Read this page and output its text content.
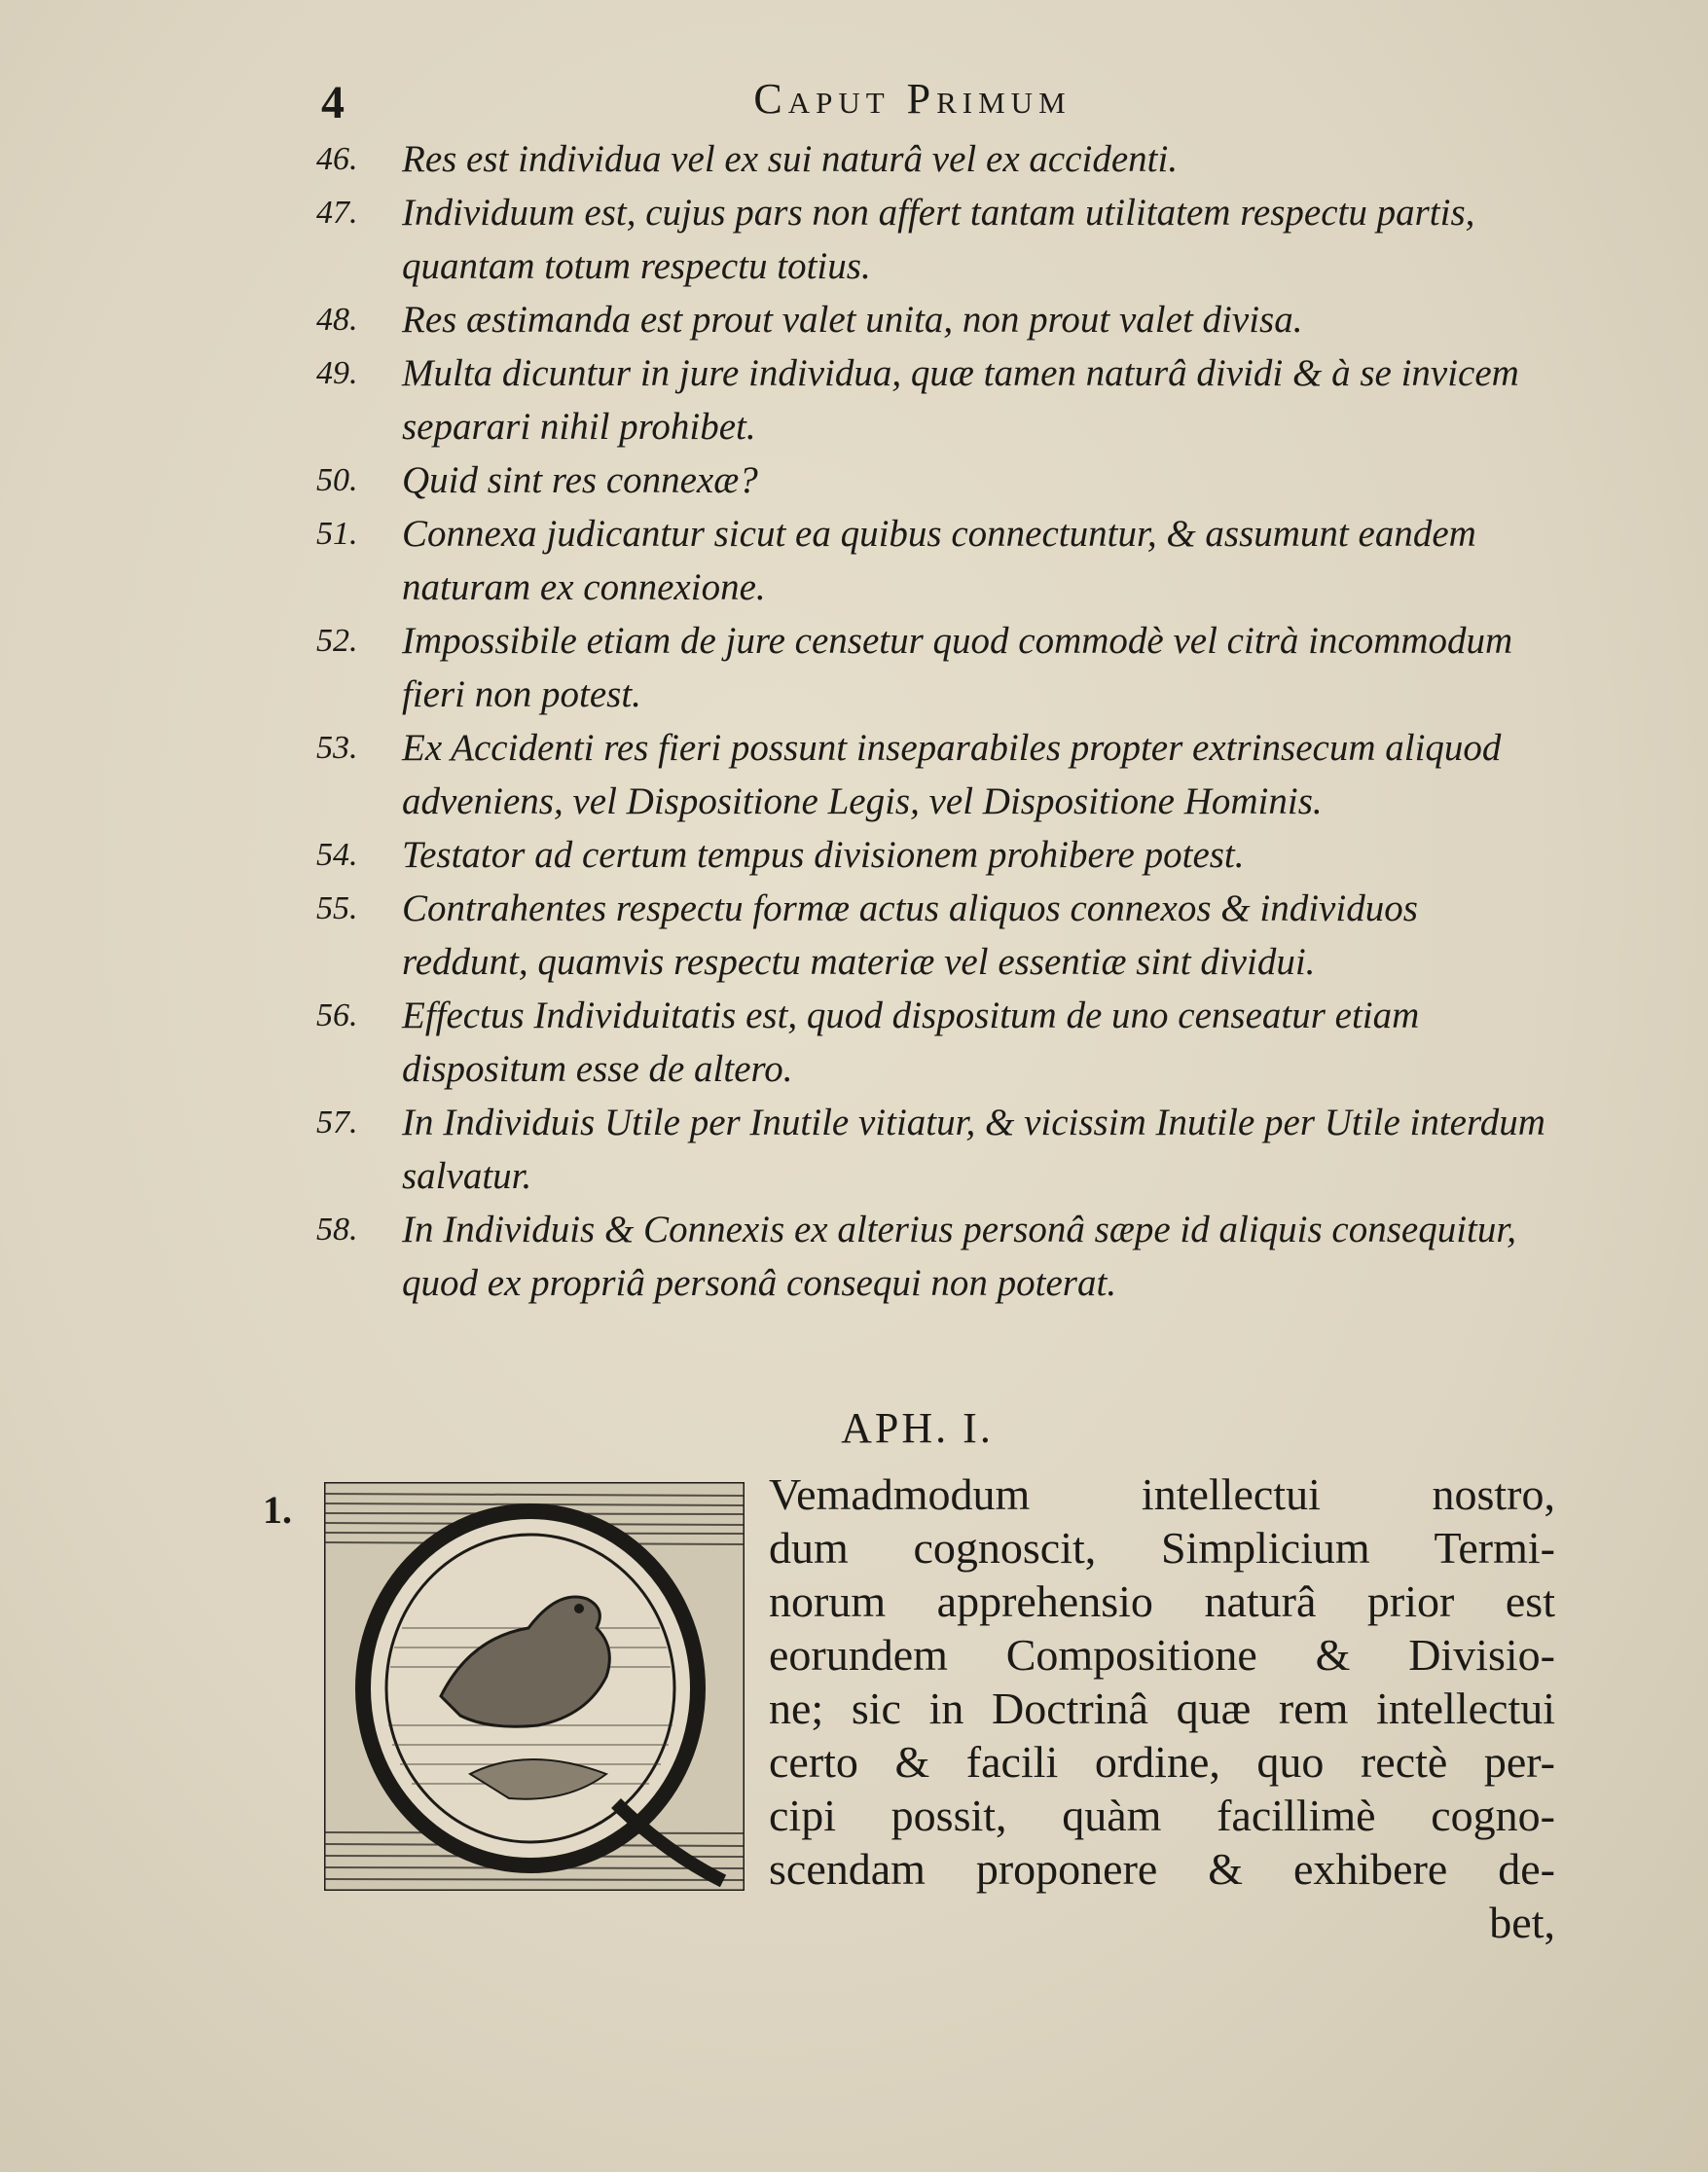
4	Caput Primum
46. Res est individua vel ex sui naturâ vel ex accidenti.
47. Individuum est, cujus pars non affert tantam utilitatem respectu partis, quantam totum respectu totius.
48. Res æstimanda est prout valet unita, non prout valet divisa.
49. Multa dicuntur in jure individua, quæ tamen naturâ dividi & à se invicem separari nihil prohibet.
50. Quid sint res connexæ?
51. Connexa judicantur sicut ea quibus connectuntur, & assumunt eandem naturam ex connexione.
52. Impossibile etiam de jure censetur quod commodè vel citrà incommodum fieri non potest.
53. Ex Accidenti res fieri possunt inseparabiles propter extrinsecum aliquod adveniens, vel Dispositione Legis, vel Dispositione Hominis.
54. Testator ad certum tempus divisionem prohibere potest.
55. Contrahentes respectu formæ actus aliquos connexos & individuos reddunt, quamvis respectu materiæ vel essentiæ sint dividui.
56. Effectus Individuitatis est, quod dispositum de uno censeatur etiam dispositum esse de altero.
57. In Individuis Utile per Inutile vitiatur, & vicissim Inutile per Utile interdum salvatur.
58. In Individuis & Connexis ex alterius personâ sæpe id aliquis consequitur, quod ex propriâ personâ consequi non poterat.
APH. I.
1.	Vemadmodum intellectui nostro,
dum cognoscit, Simplicium Termi-
norum apprehensio naturâ prior est
eorundem Compositione & Divisio-
ne; sic in Doctrinâ quæ rem intellectui
certo & facili ordine, quo rectè per-
cipi possit, quàm facillimè cogno-
scendam proponere & exhibere de-
bet,
